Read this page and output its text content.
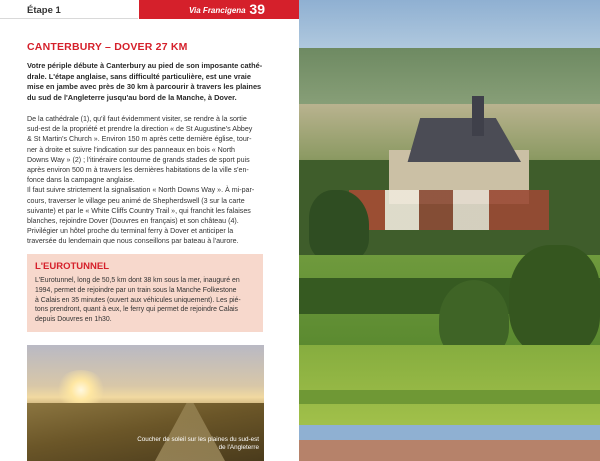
Étape 1	Via Francigena 39
CANTERBURY – DOVER 27 KM
Votre périple débute à Canterbury au pied de son imposante cathé-
drale. L'étape anglaise, sans difficulté particulière, est une vraie
mise en jambe avec près de 30 km à parcourir à travers les plaines
du sud de l'Angleterre jusqu'au bord de la Manche, à Dover.

De la cathédrale (1), qu'il faut évidemment visiter, se rendre à la sortie

sud-est de la propriété et prendre la direction « de St Augustine's Abbey

& St Martin's Church ». Environ 150 m après cette dernière église, tour-

ner à droite et suivre l'indication sur des panneaux en bois « North

Downs Way » (2) ; l'itinéraire contourne de grands stades de sport puis

après environ 500 m à travers les dernières habitations de la ville s'en-

fonce dans la campagne anglaise.

Il faut suivre strictement la signalisation « North Downs Way ». À mi-par-

cours, traverser le village peu animé de Shepherdswell (3 sur la carte

suivante) et par le « White Cliffs Country Trail », qui franchit les falaises

blanches, rejoindre Dover (Douvres en français) et son château (4).

Privilégier un hôtel proche du terminal ferry à Dover et anticiper la

traversée du lendemain que nous conseillons par bateau à l'aurore.

L'EUROTUNNEL
L'Eurotunnel, long de 50,5 km dont 38 km sous la mer, inauguré en
1994, permet de rejoindre par un train sous la Manche Folkestone
à Calais en 35 minutes (ouvert aux véhicules uniquement). Les pié-
tons prendront, quant à eux, le ferry qui permet de rejoindre Calais
depuis Douvres en 1h30.
Coucher de soleil sur les plaines du sud-est
de l'Angleterre
